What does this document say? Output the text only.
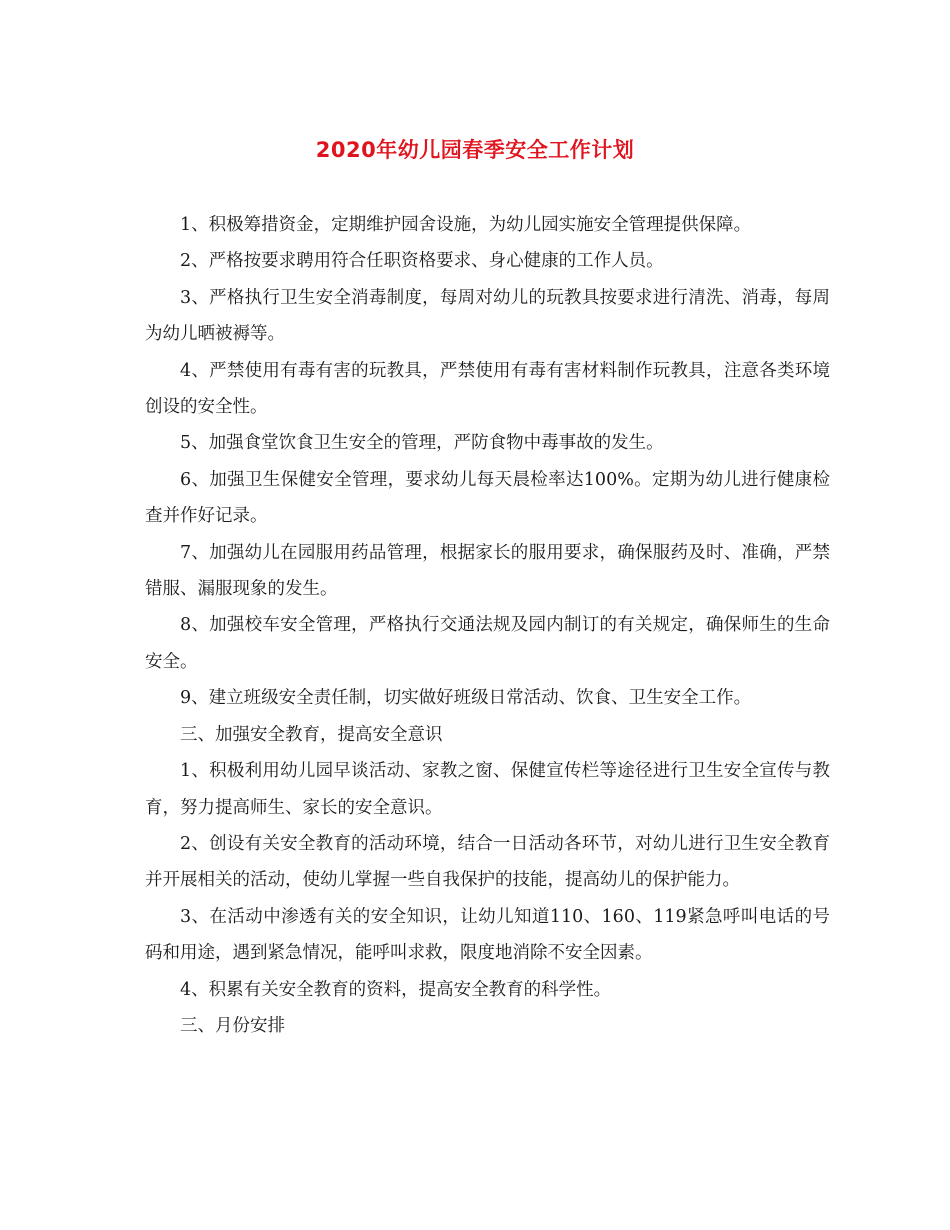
2020年幼儿园春季安全工作计划

1、积极筹措资金，定期维护园舍设施，为幼儿园实施安全管理提供保障。

2、严格按要求聘用符合任职资格要求、身心健康的工作人员。

3、严格执行卫生安全消毒制度，每周对幼儿的玩教具按要求进行清洗、消毒，每周为幼儿晒被褥等。

4、严禁使用有毒有害的玩教具，严禁使用有毒有害材料制作玩教具，注意各类环境创设的安全性。

5、加强食堂饮食卫生安全的管理，严防食物中毒事故的发生。

6、加强卫生保健安全管理，要求幼儿每天晨检率达100%。定期为幼儿进行健康检查并作好记录。

7、加强幼儿在园服用药品管理，根据家长的服用要求，确保服药及时、准确，严禁错服、漏服现象的发生。

8、加强校车安全管理，严格执行交通法规及园内制订的有关规定，确保师生的生命安全。

9、建立班级安全责任制，切实做好班级日常活动、饮食、卫生安全工作。

三、加强安全教育，提高安全意识

1、积极利用幼儿园早谈活动、家教之窗、保健宣传栏等途径进行卫生安全宣传与教育，努力提高师生、家长的安全意识。

2、创设有关安全教育的活动环境，结合一日活动各环节，对幼儿进行卫生安全教育并开展相关的活动，使幼儿掌握一些自我保护的技能，提高幼儿的保护能力。

3、在活动中渗透有关的安全知识，让幼儿知道110、160、119紧急呼叫电话的号码和用途，遇到紧急情况，能呼叫求救，限度地消除不安全因素。

4、积累有关安全教育的资料，提高安全教育的科学性。

三、月份安排
